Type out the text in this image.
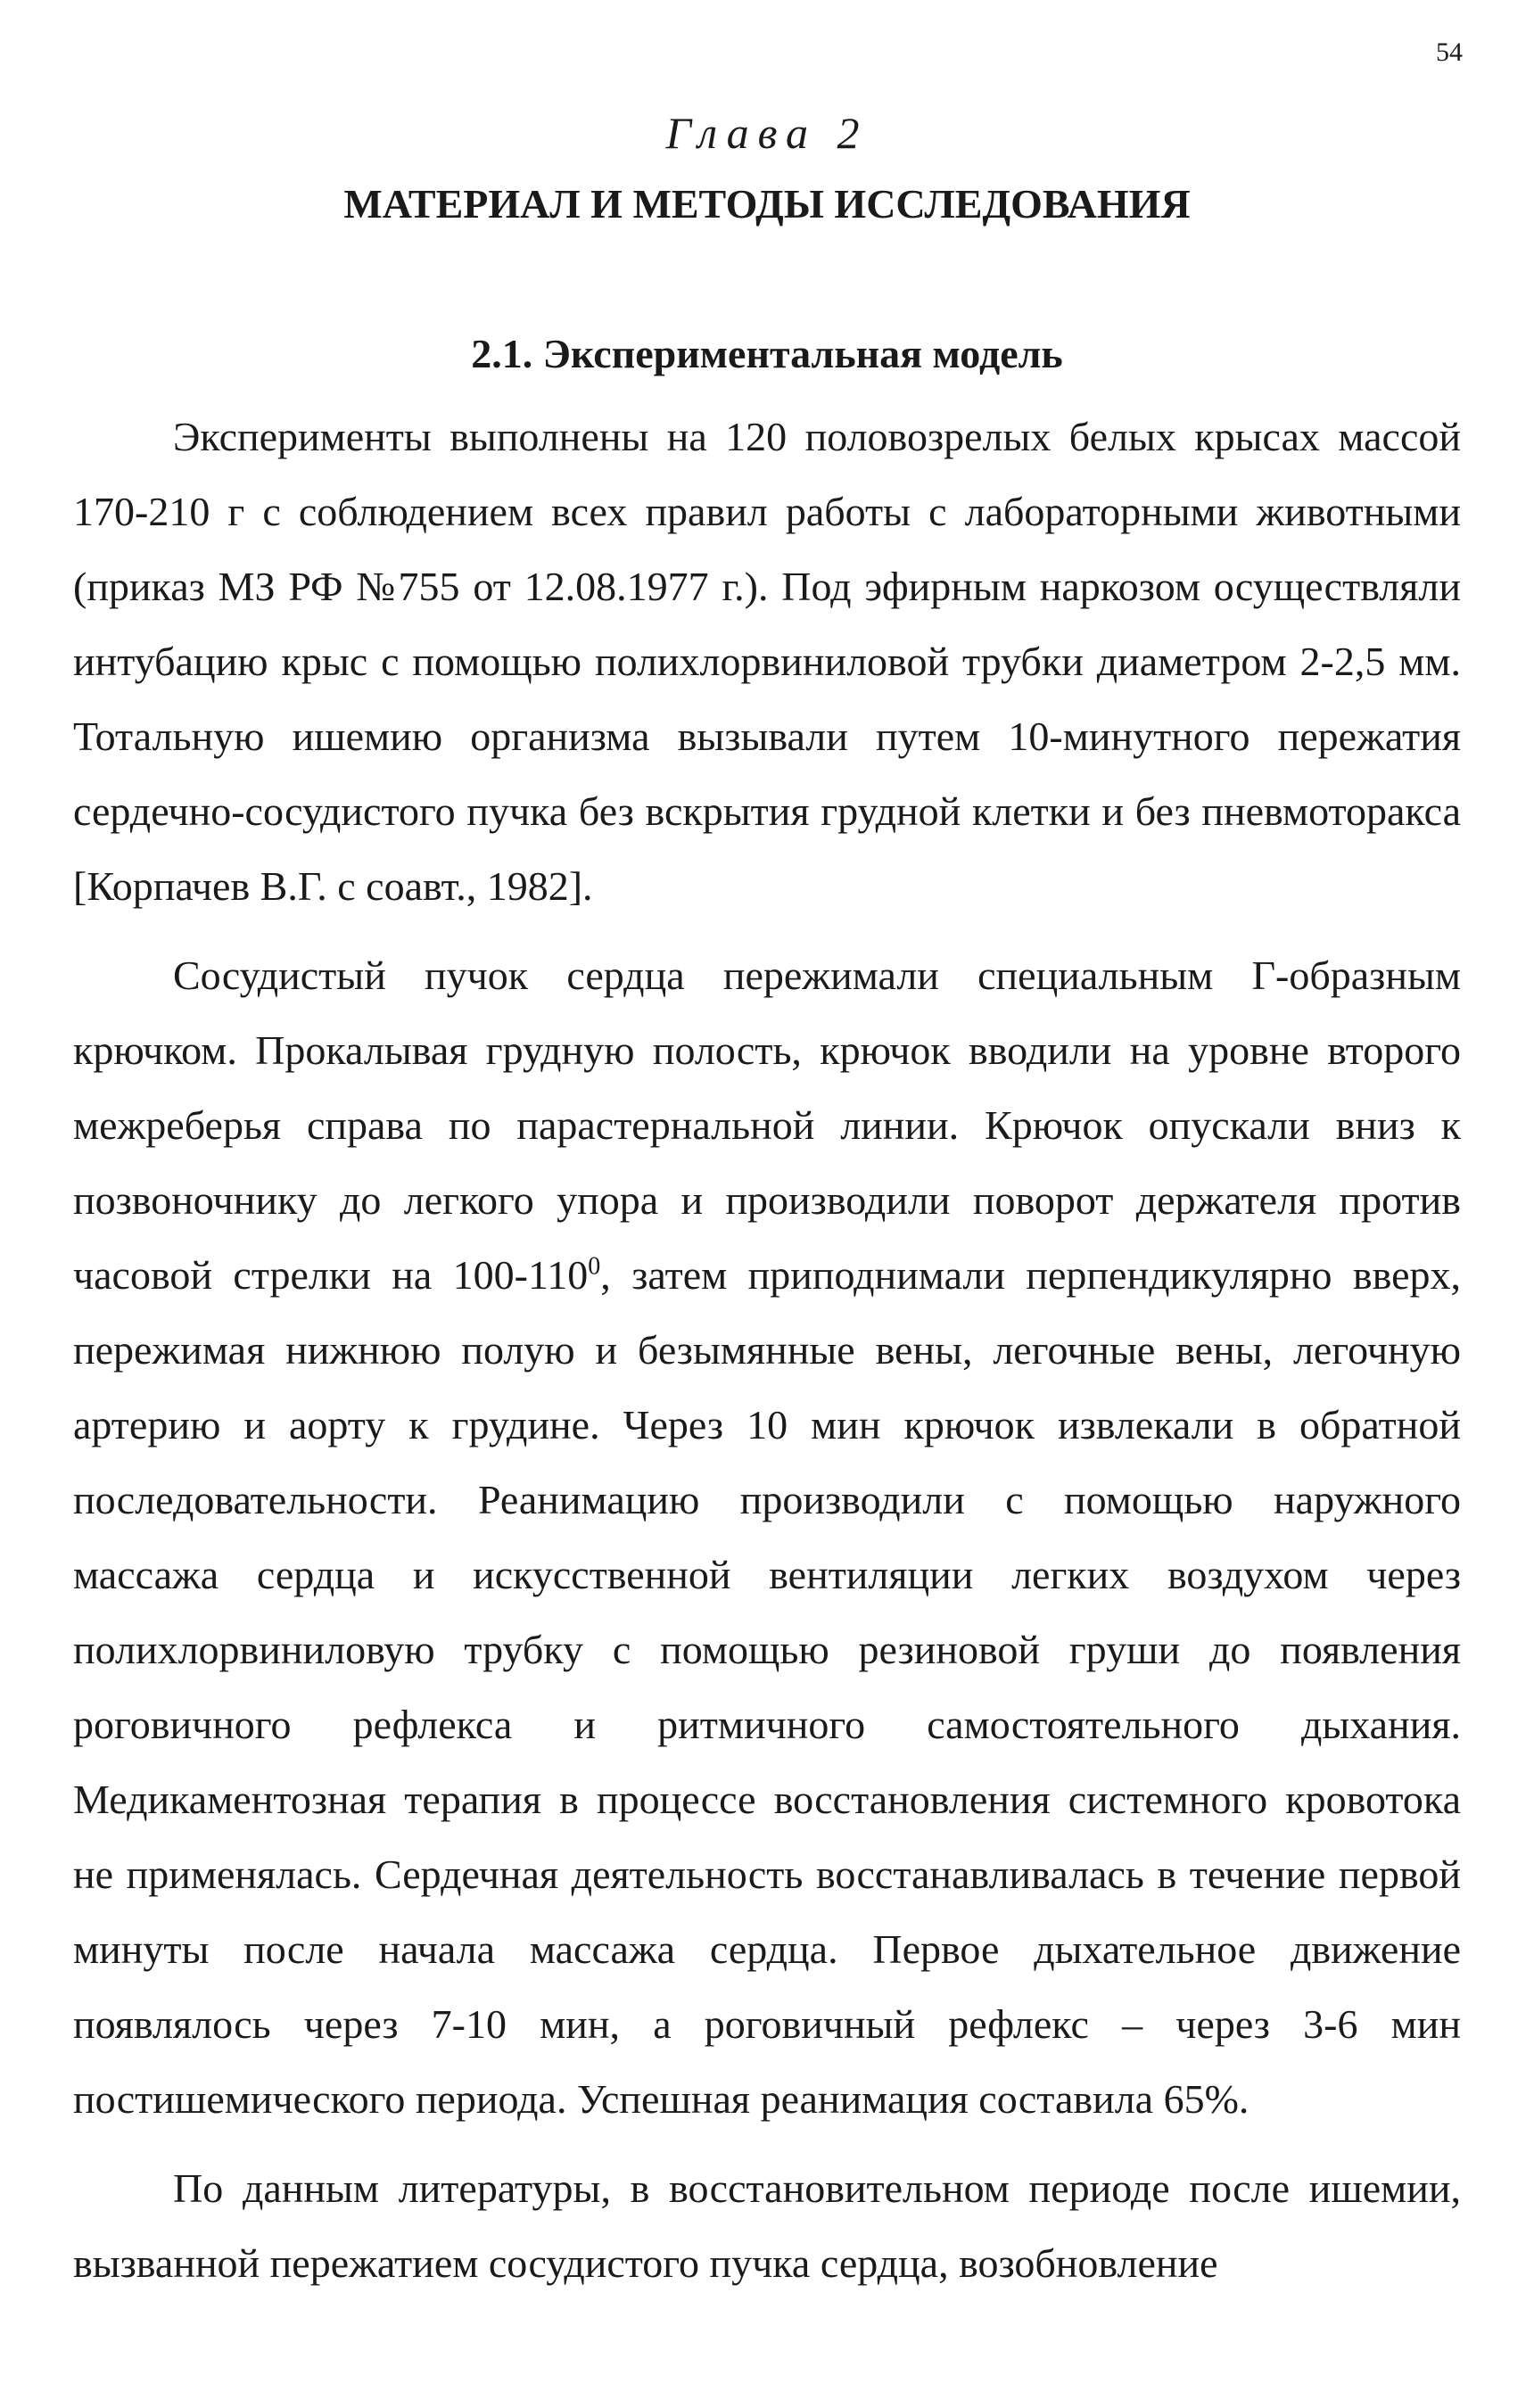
54
Глава 2
МАТЕРИАЛ И МЕТОДЫ ИССЛЕДОВАНИЯ
2.1. Экспериментальная модель

Эксперименты выполнены на 120 половозрелых белых крысах массой 170-210 г с соблюдением всех правил работы с лабораторными животными (приказ МЗ РФ №755 от 12.08.1977 г.). Под эфирным наркозом осуществляли интубацию крыс с помощью полихлорвиниловой трубки диаметром 2-2,5 мм. Тотальную ишемию организма вызывали путем 10-минутного пережатия сердечно-сосудистого пучка без вскрытия грудной клетки и без пневмоторакса [Корпачев В.Г. с соавт., 1982].

Сосудистый пучок сердца пережимали специальным Г-образным крючком. Прокалывая грудную полость, крючок вводили на уровне второго межреберья справа по парастернальной линии. Крючок опускали вниз к позвоночнику до легкого упора и производили поворот держателя против часовой стрелки на $100-110^0$, затем приподнимали перпендикулярно вверх, пережимая нижнюю полую и безымянные вены, легочные вены, легочную артерию и аорту к грудине. Через 10 мин крючок извлекали в обратной последовательности. Реанимацию производили с помощью наружного массажа сердца и искусственной вентиляции легких воздухом через полихлорвиниловую трубку с помощью резиновой груши до появления роговичного рефлекса и ритмичного самостоятельного дыхания. Медикаментозная терапия в процессе восстановления системного кровотока не применялась. Сердечная деятельность восстанавливалась в течение первой минуты после начала массажа сердца. Первое дыхательное движение появлялось через 7-10 мин, а роговичный рефлекс – через 3-6 мин постишемического периода. Успешная реанимация составила 65%.

По данным литературы, в восстановительном периоде после ишемии, вызванной пережатием сосудистого пучка сердца, возобновление
